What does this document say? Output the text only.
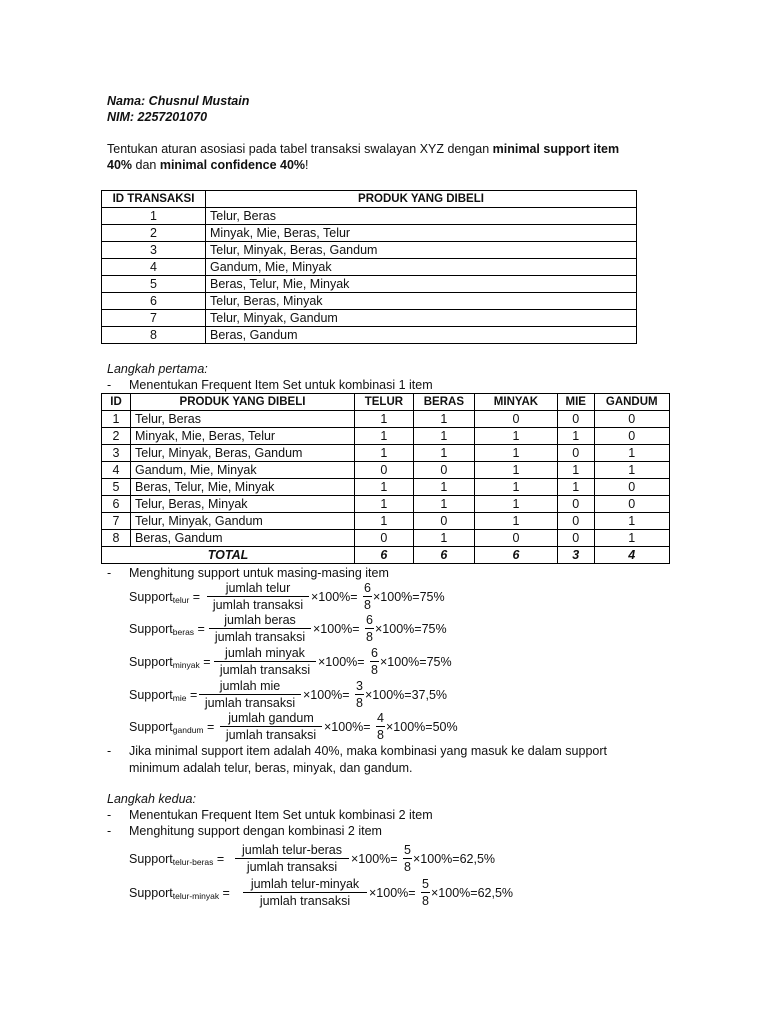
Nama: Chusnul Mustain
NIM: 2257201070
Tentukan aturan asosiasi pada tabel transaksi swalayan XYZ dengan minimal support item
40% dan minimal confidence 40%!
ID TRANSAKSI	PRODUK YANG DIBELI
1	Telur, Beras
2	Minyak, Mie, Beras, Telur
3	Telur, Minyak, Beras, Gandum
4	Gandum, Mie, Minyak
5	Beras, Telur, Mie, Minyak
6	Telur, Beras, Minyak
7	Telur, Minyak, Gandum
8	Beras, Gandum
Langkah pertama:
- Menentukan Frequent Item Set untuk kombinasi 1 item
ID	PRODUK YANG DIBELI	TELUR	BERAS	MINYAK	MIE	GANDUM
1	Telur, Beras	1	1	0	0	0
2	Minyak, Mie, Beras, Telur	1	1	1	1	0
3	Telur, Minyak, Beras, Gandum	1	1	1	0	1
4	Gandum, Mie, Minyak	0	0	1	1	1
5	Beras, Telur, Mie, Minyak	1	1	1	1	0
6	Telur, Beras, Minyak	1	1	1	0	0
7	Telur, Minyak, Gandum	1	0	1	0	1
8	Beras, Gandum	0	1	0	0	1
TOTAL		6	6	6	3	4
- Menghitung support untuk masing-masing item
Support$_{telur}$ =
jumlah telur
jumlah transaksi
$\times 100\%= \frac{6}{8} \times 100\%=75\%$
Support$_{beras}$ =
jumlah beras
jumlah transaksi
$\times 100\%= \frac{6}{8} \times 100\%=75\%$
Support$_{minyak}$ =
jumlah minyak
jumlah transaksi
$\times 100\%= \frac{6}{8} \times 100\%=75\%$
Support$_{mie}$ =
jumlah mie
jumlah transaksi
$\times 100\%= \frac{3}{8} \times 100\%=37,5\%$
Support$_{gandum}$ =
jumlah gandum
jumlah transaksi
$\times 100\%= \frac{4}{8} \times 100\%=50\%$
- Jika minimal support item adalah 40%, maka kombinasi yang masuk ke dalam support
minimum adalah telur, beras, minyak, dan gandum.
Langkah kedua:
- Menentukan Frequent Item Set untuk kombinasi 2 item
- Menghitung support dengan kombinasi 2 item
Support$_{telur-beras}$ =
jumlah telur-beras
jumlah transaksi
$\times 100\%= \frac{5}{8} \times 100\%=62,5\%$
Support$_{telur-minyak}$ =
jumlah telur-minyak
jumlah transaksi
$\times 100\%= \frac{5}{8} \times 100\%=62,5\%$
